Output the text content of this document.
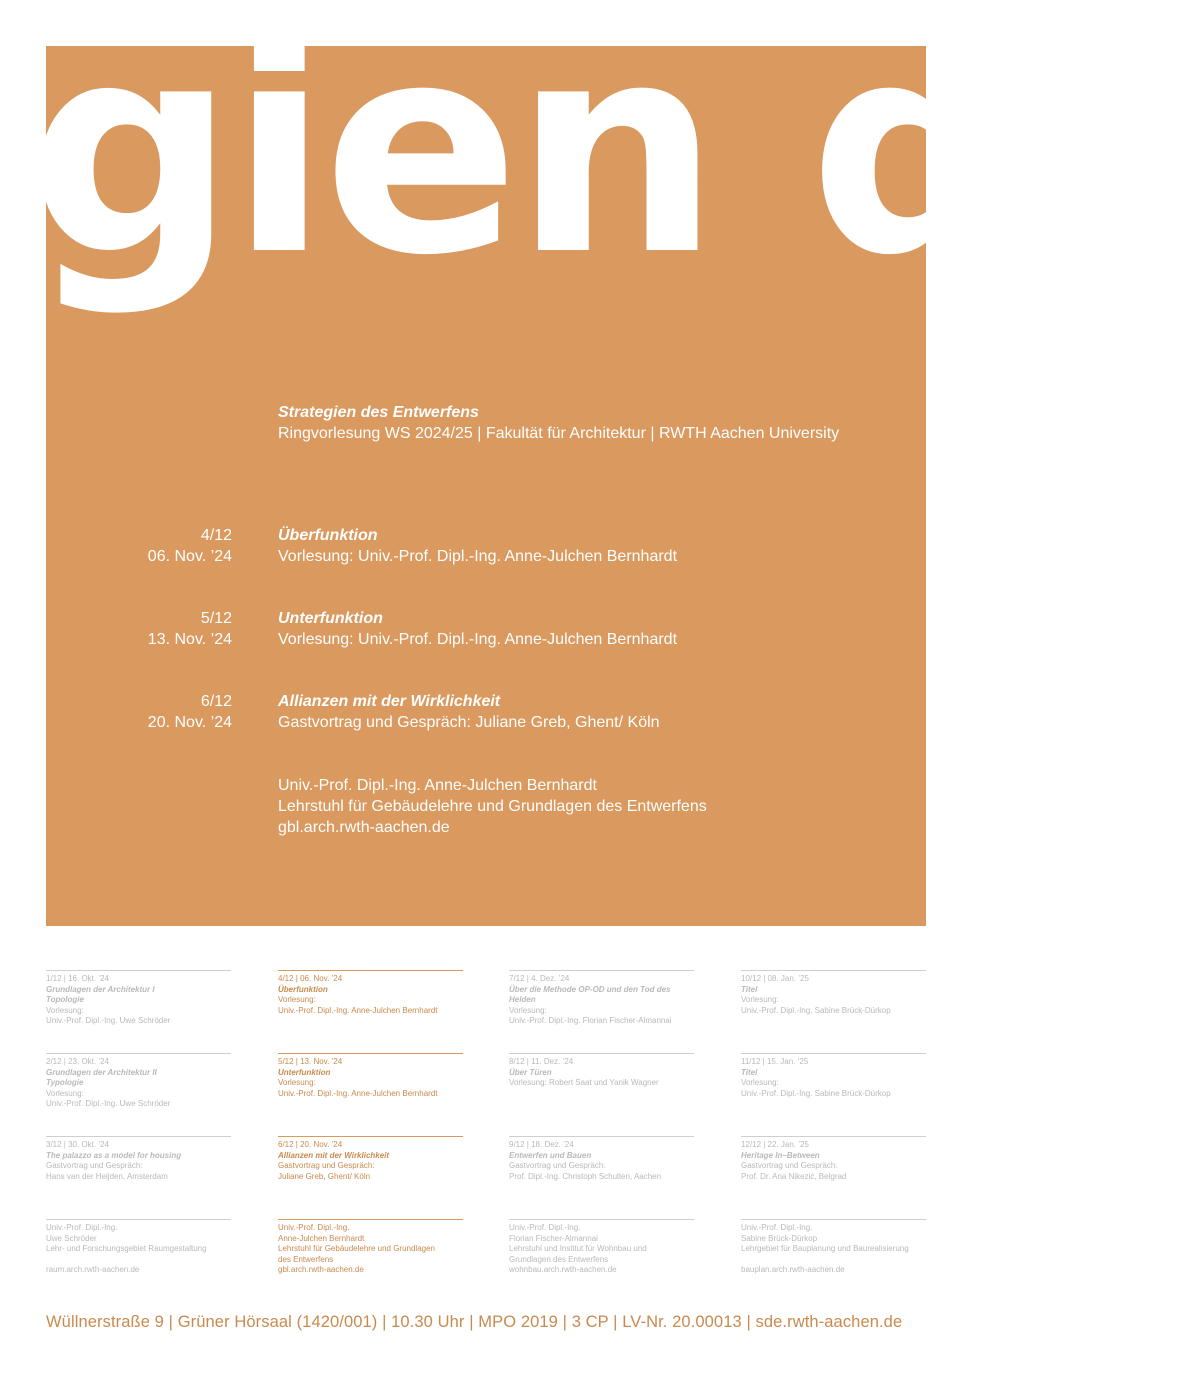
gien de
Strategien des Entwerfens
Ringvorlesung WS 2024/25 | Fakultät für Architektur | RWTH Aachen University
4/12
06. Nov. ’24
Überfunktion
Vorlesung: Univ.-Prof. Dipl.-Ing. Anne-Julchen Bernhardt
5/12
13. Nov. ’24
Unterfunktion
Vorlesung: Univ.-Prof. Dipl.-Ing. Anne-Julchen Bernhardt
6/12
20. Nov. ’24
Allianzen mit der Wirklichkeit
Gastvortrag und Gespräch: Juliane Greb, Ghent/ Köln
Univ.-Prof. Dipl.-Ing. Anne-Julchen Bernhardt
Lehrstuhl für Gebäudelehre und Grundlagen des Entwerfens
gbl.arch.rwth-aachen.de
1/12 | 16. Okt. ’24
Grundlagen der Architektur I
Topologie
Vorlesung:
Univ.-Prof. Dipl.-Ing. Uwe Schröder
2/12 | 23. Okt. ’24
Grundlagen der Architektur II
Typologie
Vorlesung:
Univ.-Prof. Dipl.-Ing. Uwe Schröder
3/12 | 30. Okt. ’24
The palazzo as a model for housing
Gastvortrag und Gespräch:
Hans van der Heijden, Amsterdam
Univ.-Prof. Dipl.-Ing.
Uwe Schröder
Lehr- und Forschungsgebiet Raumgestaltung
raum.arch.rwth-aachen.de
4/12 | 06. Nov. ’24
Überfunktion
Vorlesung:
Univ.-Prof. Dipl.-Ing. Anne-Julchen Bernhardt
5/12 | 13. Nov. ’24
Unterfunktion
Vorlesung:
Univ.-Prof. Dipl.-Ing. Anne-Julchen Bernhardt
6/12 | 20. Nov. ’24
Allianzen mit der Wirklichkeit
Gastvortrag und Gespräch:
Juliane Greb, Ghent/ Köln
Univ.-Prof. Dipl.-Ing.
Anne-Julchen Bernhardt
Lehrstuhl für Gebäudelehre und Grundlagen
des Entwerfens
gbl.arch.rwth-aachen.de
7/12 | 4. Dez. ’24
Über die Methode OP-OD und den Tod des
Helden
Vorlesung:
Univ.-Prof. Dipl.-Ing. Florian Fischer-Almannai
8/12 | 11. Dez. ’24
Über Türen
Vorlesung: Robert Saat und Yanik Wagner
9/12 | 18. Dez. ’24
Entwerfen und Bauen
Gastvortrag und Gespräch:
Prof. Dipl.-Ing. Christoph Schulten, Aachen
Univ.-Prof. Dipl.-Ing.
Florian Fischer-Almannai
Lehrstuhl und Institut für Wohnbau und
Grundlagen des Entwerfens
wohnbau.arch.rwth-aachen.de
10/12 | 08. Jan. ’25
Titel
Vorlesung:
Univ.-Prof. Dipl.-Ing. Sabine Brück-Dürkop
11/12 | 15. Jan. ’25
Titel
Vorlesung:
Univ.-Prof. Dipl.-Ing. Sabine Brück-Dürkop
12/12 | 22. Jan. ’25
Heritage In–Between
Gastvortrag und Gespräch:
Prof. Dr. Ana Nikezić, Belgrad
Univ.-Prof. Dipl.-Ing.
Sabine Brück-Dürkop
Lehrgebiet für Bauplanung und Baurealisierung
bauplan.arch.rwth-aachen.de
Wüllnerstraße 9 | Grüner Hörsaal (1420/001) | 10.30 Uhr | MPO 2019 | 3 CP | LV-Nr. 20.00013 | sde.rwth-aachen.de
